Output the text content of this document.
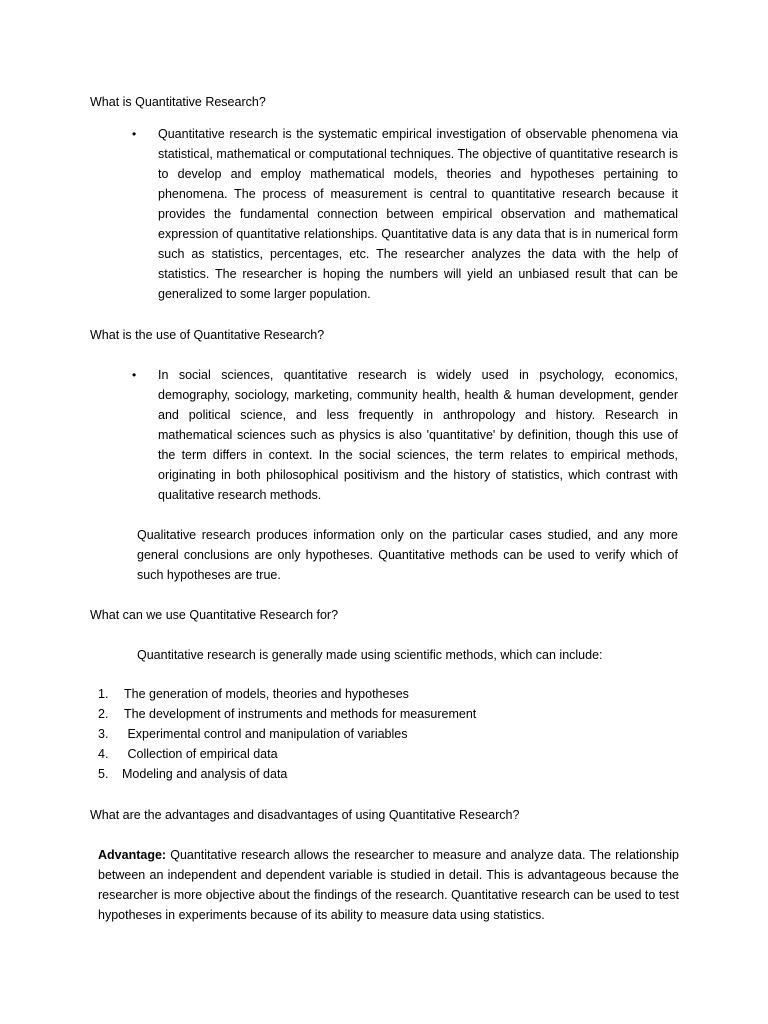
What is Quantitative Research?
• Quantitative research is the systematic empirical investigation of observable phenomena via statistical, mathematical or computational techniques. The objective of quantitative research is to develop and employ mathematical models, theories and hypotheses pertaining to phenomena. The process of measurement is central to quantitative research because it provides the fundamental connection between empirical observation and mathematical expression of quantitative relationships. Quantitative data is any data that is in numerical form such as statistics, percentages, etc. The researcher analyzes the data with the help of statistics. The researcher is hoping the numbers will yield an unbiased result that can be generalized to some larger population.

What is the use of Quantitative Research?
• In social sciences, quantitative research is widely used in psychology, economics, demography, sociology, marketing, community health, health & human development, gender and political science, and less frequently in anthropology and history. Research in mathematical sciences such as physics is also 'quantitative' by definition, though this use of the term differs in context. In the social sciences, the term relates to empirical methods, originating in both philosophical positivism and the history of statistics, which contrast with qualitative research methods.

Qualitative research produces information only on the particular cases studied, and any more general conclusions are only hypotheses. Quantitative methods can be used to verify which of such hypotheses are true.

What can we use Quantitative Research for?

Quantitative research is generally made using scientific methods, which can include:

1.	The generation of models, theories and hypotheses
2.	The development of instruments and methods for measurement
3.	Experimental control and manipulation of variables
4.	Collection of empirical data
5.	Modeling and analysis of data
What are the advantages and disadvantages of using Quantitative Research?

Advantage: Quantitative research allows the researcher to measure and analyze data. The relationship between an independent and dependent variable is studied in detail. This is advantageous because the researcher is more objective about the findings of the research. Quantitative research can be used to test hypotheses in experiments because of its ability to measure data using statistics.
